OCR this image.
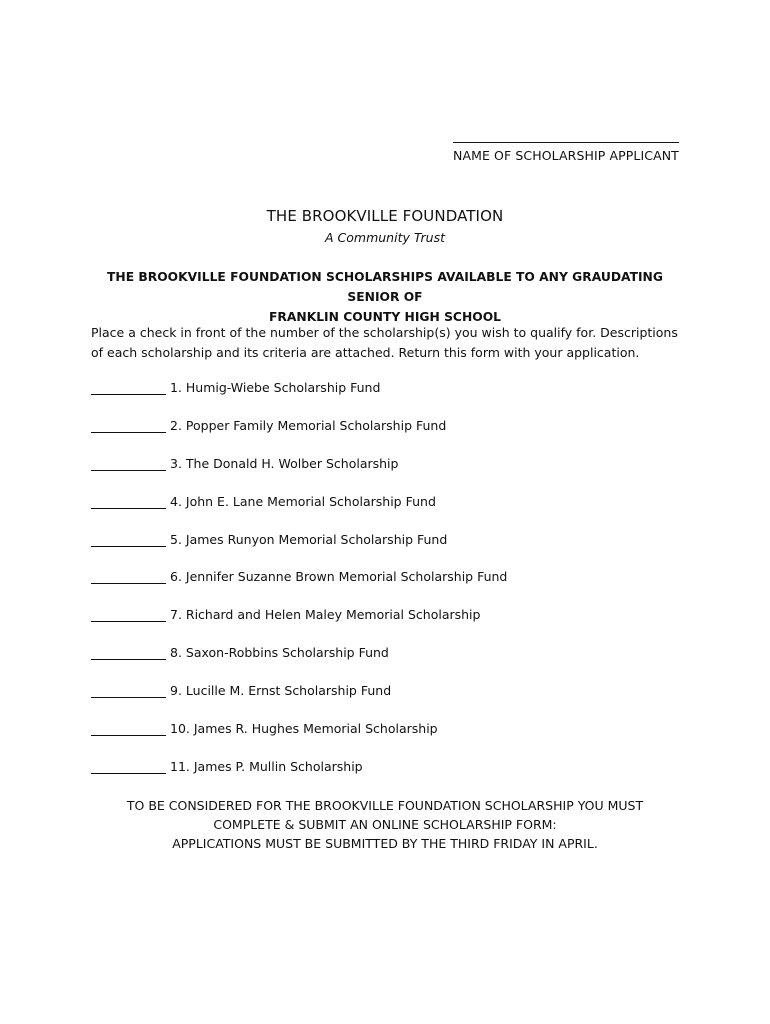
NAME OF SCHOLARSHIP APPLICANT
THE BROOKVILLE FOUNDATION
A Community Trust
THE BROOKVILLE FOUNDATION SCHOLARSHIPS AVAILABLE TO ANY GRAUDATING SENIOR OF
FRANKLIN COUNTY HIGH SCHOOL
Place a check in front of the number of the scholarship(s) you wish to qualify for. Descriptions
of each scholarship and its criteria are attached. Return this form with your application.
1. Humig-Wiebe Scholarship Fund
2. Popper Family Memorial Scholarship Fund
3. The Donald H. Wolber Scholarship
4. John E. Lane Memorial Scholarship Fund
5. James Runyon Memorial Scholarship Fund
6. Jennifer Suzanne Brown Memorial Scholarship Fund
7. Richard and Helen Maley Memorial Scholarship
8. Saxon-Robbins Scholarship Fund
9. Lucille M. Ernst Scholarship Fund
10. James R. Hughes Memorial Scholarship
11. James P. Mullin Scholarship
TO BE CONSIDERED FOR THE BROOKVILLE FOUNDATION SCHOLARSHIP YOU MUST
COMPLETE & SUBMIT AN ONLINE SCHOLARSHIP FORM:
APPLICATIONS MUST BE SUBMITTED BY THE THIRD FRIDAY IN APRIL.
